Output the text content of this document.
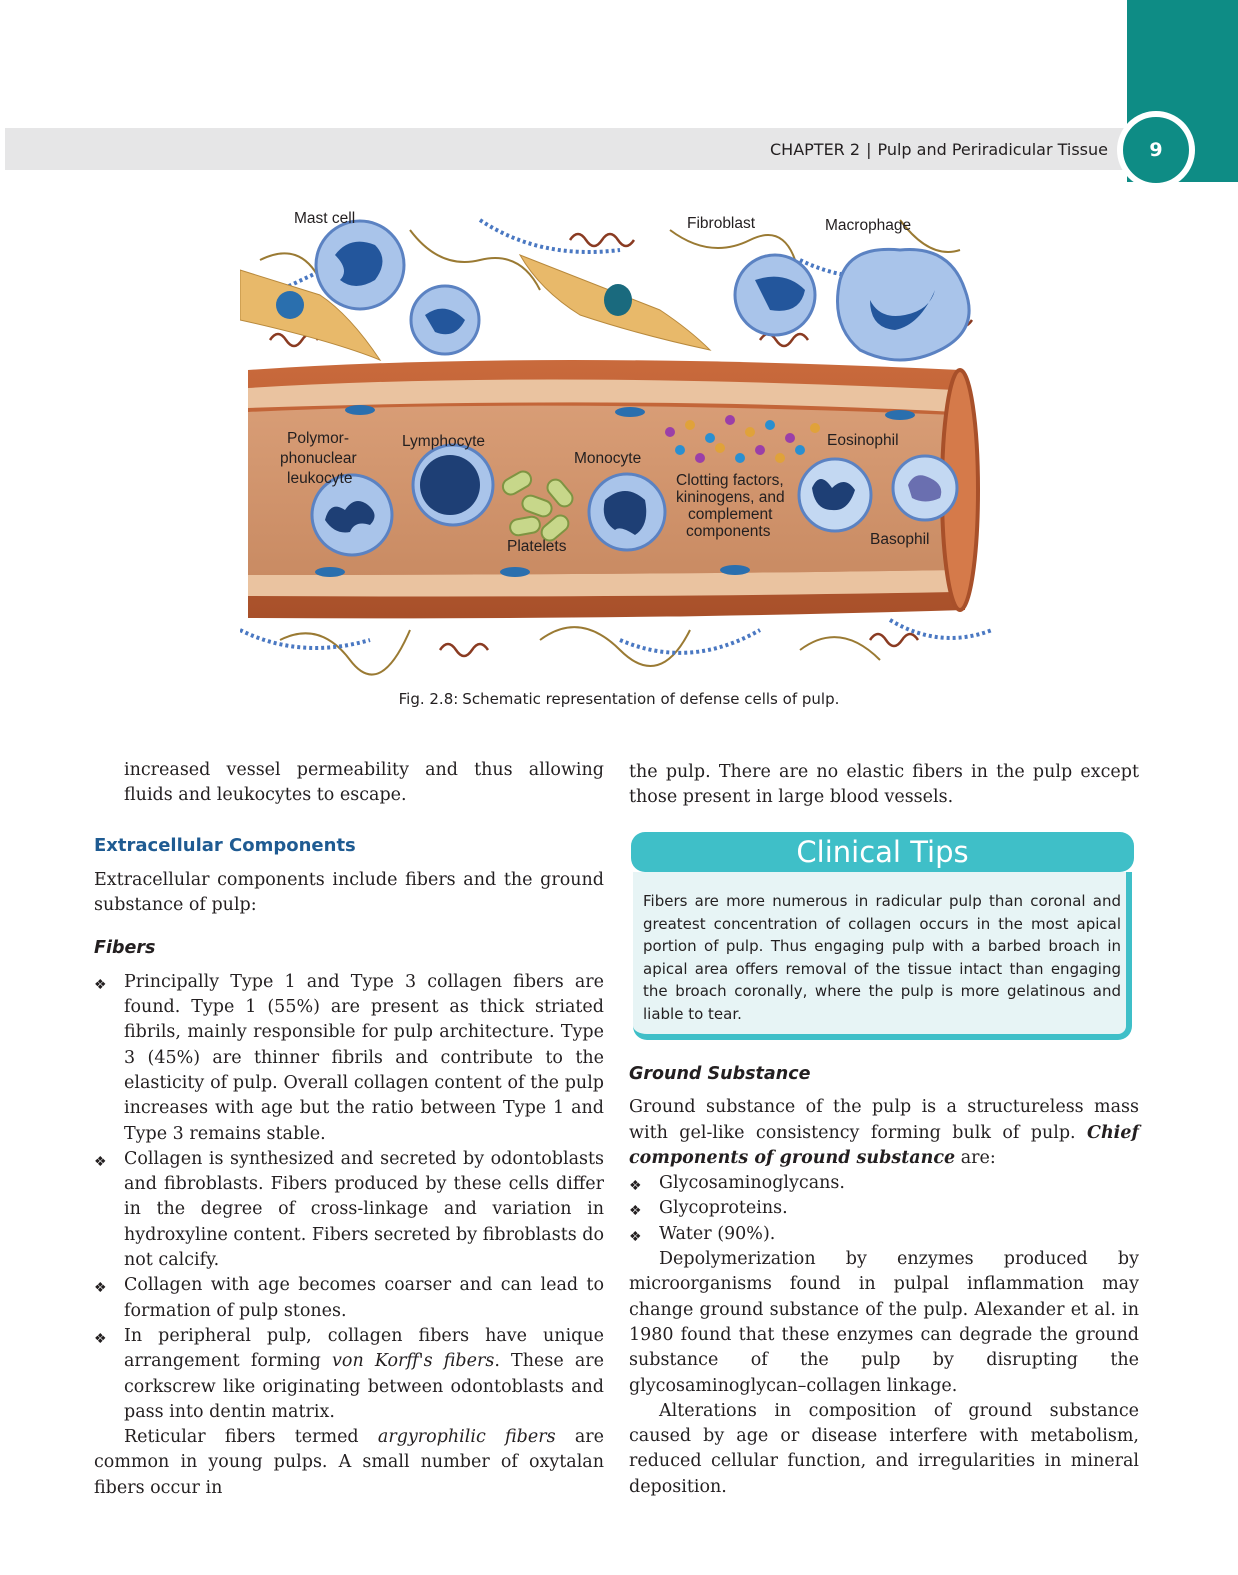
CHAPTER 2 | Pulp and Periradicular Tissue	9
Mast cell	Fibroblast	Macrophage
Polymor-
phonuclear
leukocyte
Lymphocyte
Platelets
Monocyte
Clotting factors,
kininogens, and
complement
components
Eosinophil
Basophil
Fig. 2.8: Schematic representation of defense cells of pulp.

increased vessel permeability and thus allowing fluids and leukocytes to escape.

Extracellular Components

Extracellular components include fibers and the ground substance of pulp:

Fibers

❖ Principally Type 1 and Type 3 collagen fibers are found. Type 1 (55%) are present as thick striated fibrils, mainly responsible for pulp architecture. Type 3 (45%) are thinner fibrils and contribute to the elasticity of pulp. Overall collagen content of the pulp increases with age but the ratio between Type 1 and Type 3 remains stable.
❖ Collagen is synthesized and secreted by odontoblasts and fibroblasts. Fibers produced by these cells differ in the degree of cross-linkage and variation in hydroxyline content. Fibers secreted by fibroblasts do not calcify.
❖ Collagen with age becomes coarser and can lead to formation of pulp stones.
❖ In peripheral pulp, collagen fibers have unique arrangement forming von Korff's fibers. These are corkscrew like originating between odontoblasts and pass into dentin matrix.

Reticular fibers termed argyrophilic fibers are common in young pulps. A small number of oxytalan fibers occur in

the pulp. There are no elastic fibers in the pulp except those present in large blood vessels.

Clinical Tips
Fibers are more numerous in radicular pulp than coronal and greatest concentration of collagen occurs in the most apical portion of pulp. Thus engaging pulp with a barbed broach in apical area offers removal of the tissue intact than engaging the broach coronally, where the pulp is more gelatinous and liable to tear.

Ground Substance

Ground substance of the pulp is a structureless mass with gel-like consistency forming bulk of pulp. Chief components of ground substance are:

❖ Glycosaminoglycans.
❖ Glycoproteins.
❖ Water (90%).

Depolymerization by enzymes produced by microorganisms found in pulpal inflammation may change ground substance of the pulp. Alexander et al. in 1980 found that these enzymes can degrade the ground substance of the pulp by disrupting the glycosaminoglycan–collagen linkage.

Alterations in composition of ground substance caused by age or disease interfere with metabolism, reduced cellular function, and irregularities in mineral deposition.
